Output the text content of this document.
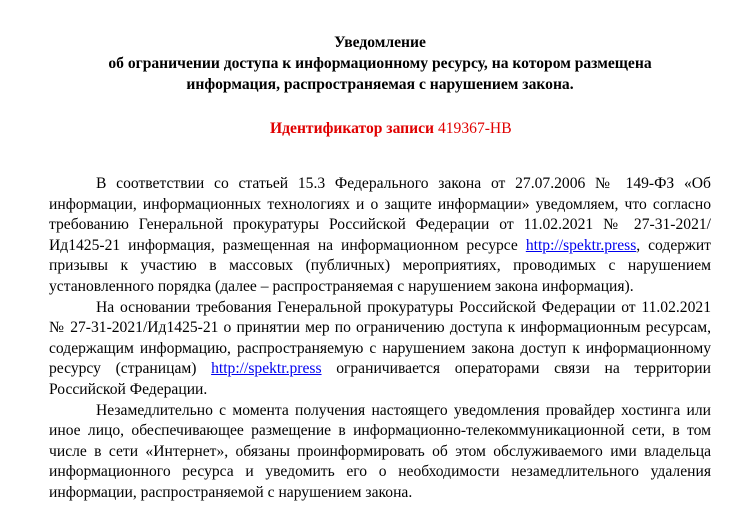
Уведомление
об ограничении доступа к информационному ресурсу, на котором размещена
информация, распространяемая с нарушением закона.
Идентификатор записи 419367-НВ

В соответствии со статьей 15.3 Федерального закона от 27.07.2006 № 149-ФЗ «Об информации, информационных технологиях и о защите информации» уведомляем, что согласно требованию Генеральной прокуратуры Российской Федерации от 11.02.2021 № 27-31-2021/Ид1425-21 информация, размещенная на информационном ресурсе http://spektr.press, содержит призывы к участию в массовых (публичных) мероприятиях, проводимых с нарушением установленного порядка (далее – распространяемая с нарушением закона информация).

На основании требования Генеральной прокуратуры Российской Федерации от 11.02.2021 № 27-31-2021/Ид1425-21 о принятии мер по ограничению доступа к информационным ресурсам, содержащим информацию, распространяемую с нарушением закона доступ к информационному ресурсу (страницам) http://spektr.press ограничивается операторами связи на территории Российской Федерации.

Незамедлительно с момента получения настоящего уведомления провайдер хостинга или иное лицо, обеспечивающее размещение в информационно-телекоммуникационной сети, в том числе в сети «Интернет», обязаны проинформировать об этом обслуживаемого ими владельца информационного ресурса и уведомить его о необходимости незамедлительного удаления информации, распространяемой с нарушением закона.
